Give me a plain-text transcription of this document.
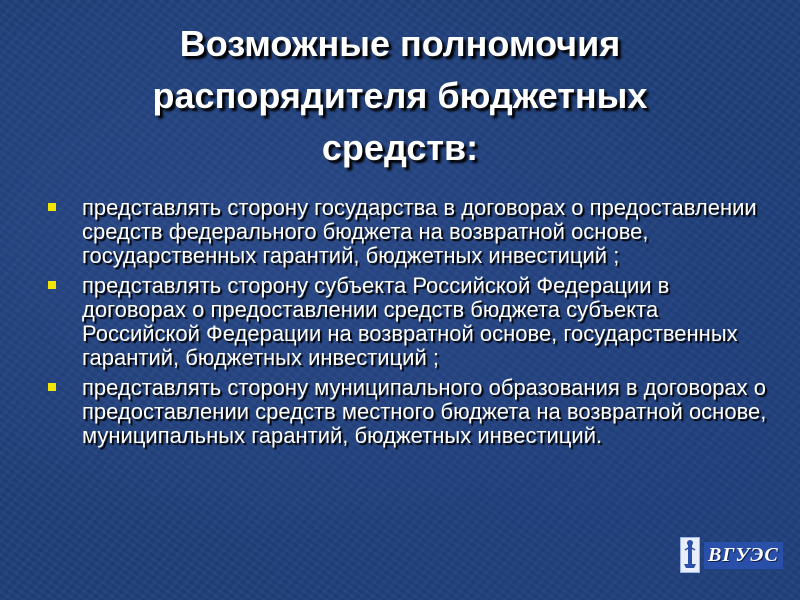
Возможные полномочия
распорядителя бюджетных
средств:
представлять сторону государства в договорах о предоставлении средств федерального бюджета на возвратной основе, государственных гарантий, бюджетных инвестиций ;
представлять сторону субъекта Российской Федерации в договорах о предоставлении средств бюджета субъекта Российской Федерации на возвратной основе, государственных гарантий, бюджетных инвестиций ;
представлять сторону муниципального образования в договорах о предоставлении средств местного бюджета на возвратной основе, муниципальных гарантий, бюджетных инвестиций.
ВГУЭС
